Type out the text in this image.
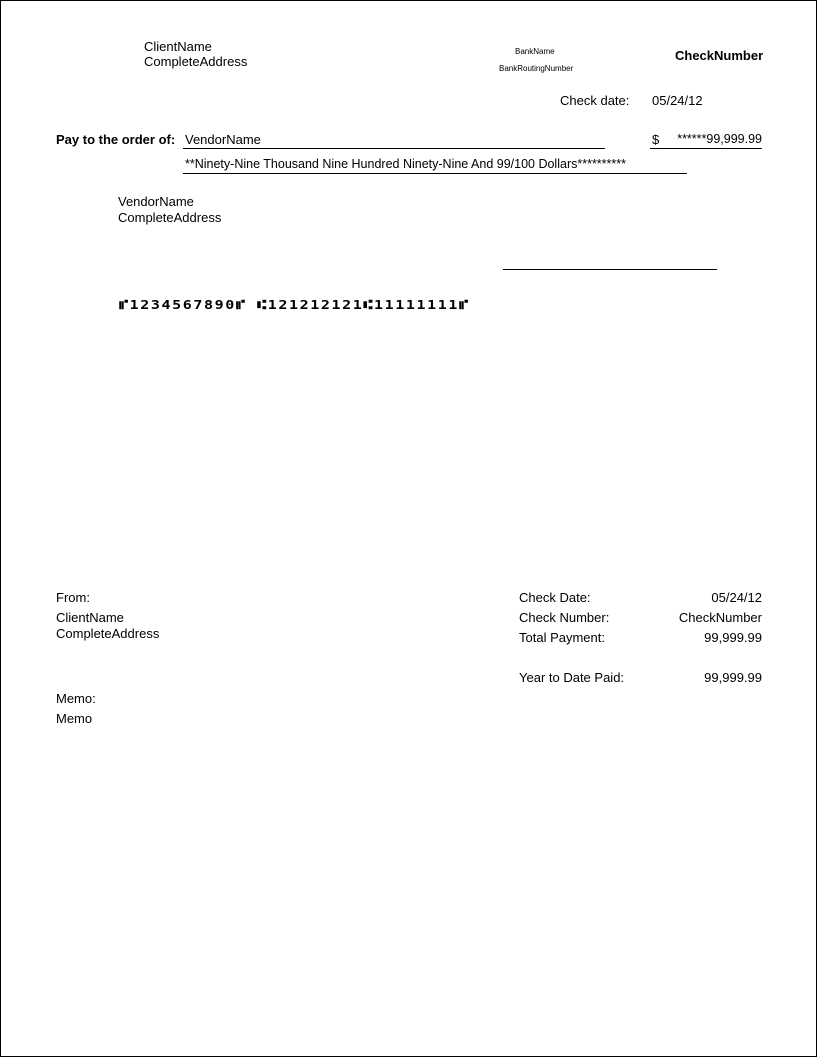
ClientName
CompleteAddress
BankName
BankRoutingNumber
CheckNumber
Check date: 05/24/12
Pay to the order of: VendorName	$	******99,999.99
**Ninety-Nine Thousand Nine Hundred Ninety-Nine And 99/100 Dollars**********
VendorName
CompleteAddress
⑈1234567890⑈ ⑆121212121⑆11111111⑈
From:
ClientName
CompleteAddress
Memo:
Memo
Check Date:	05/24/12
Check Number:	CheckNumber
Total Payment:	99,999.99
Year to Date Paid:	99,999.99
